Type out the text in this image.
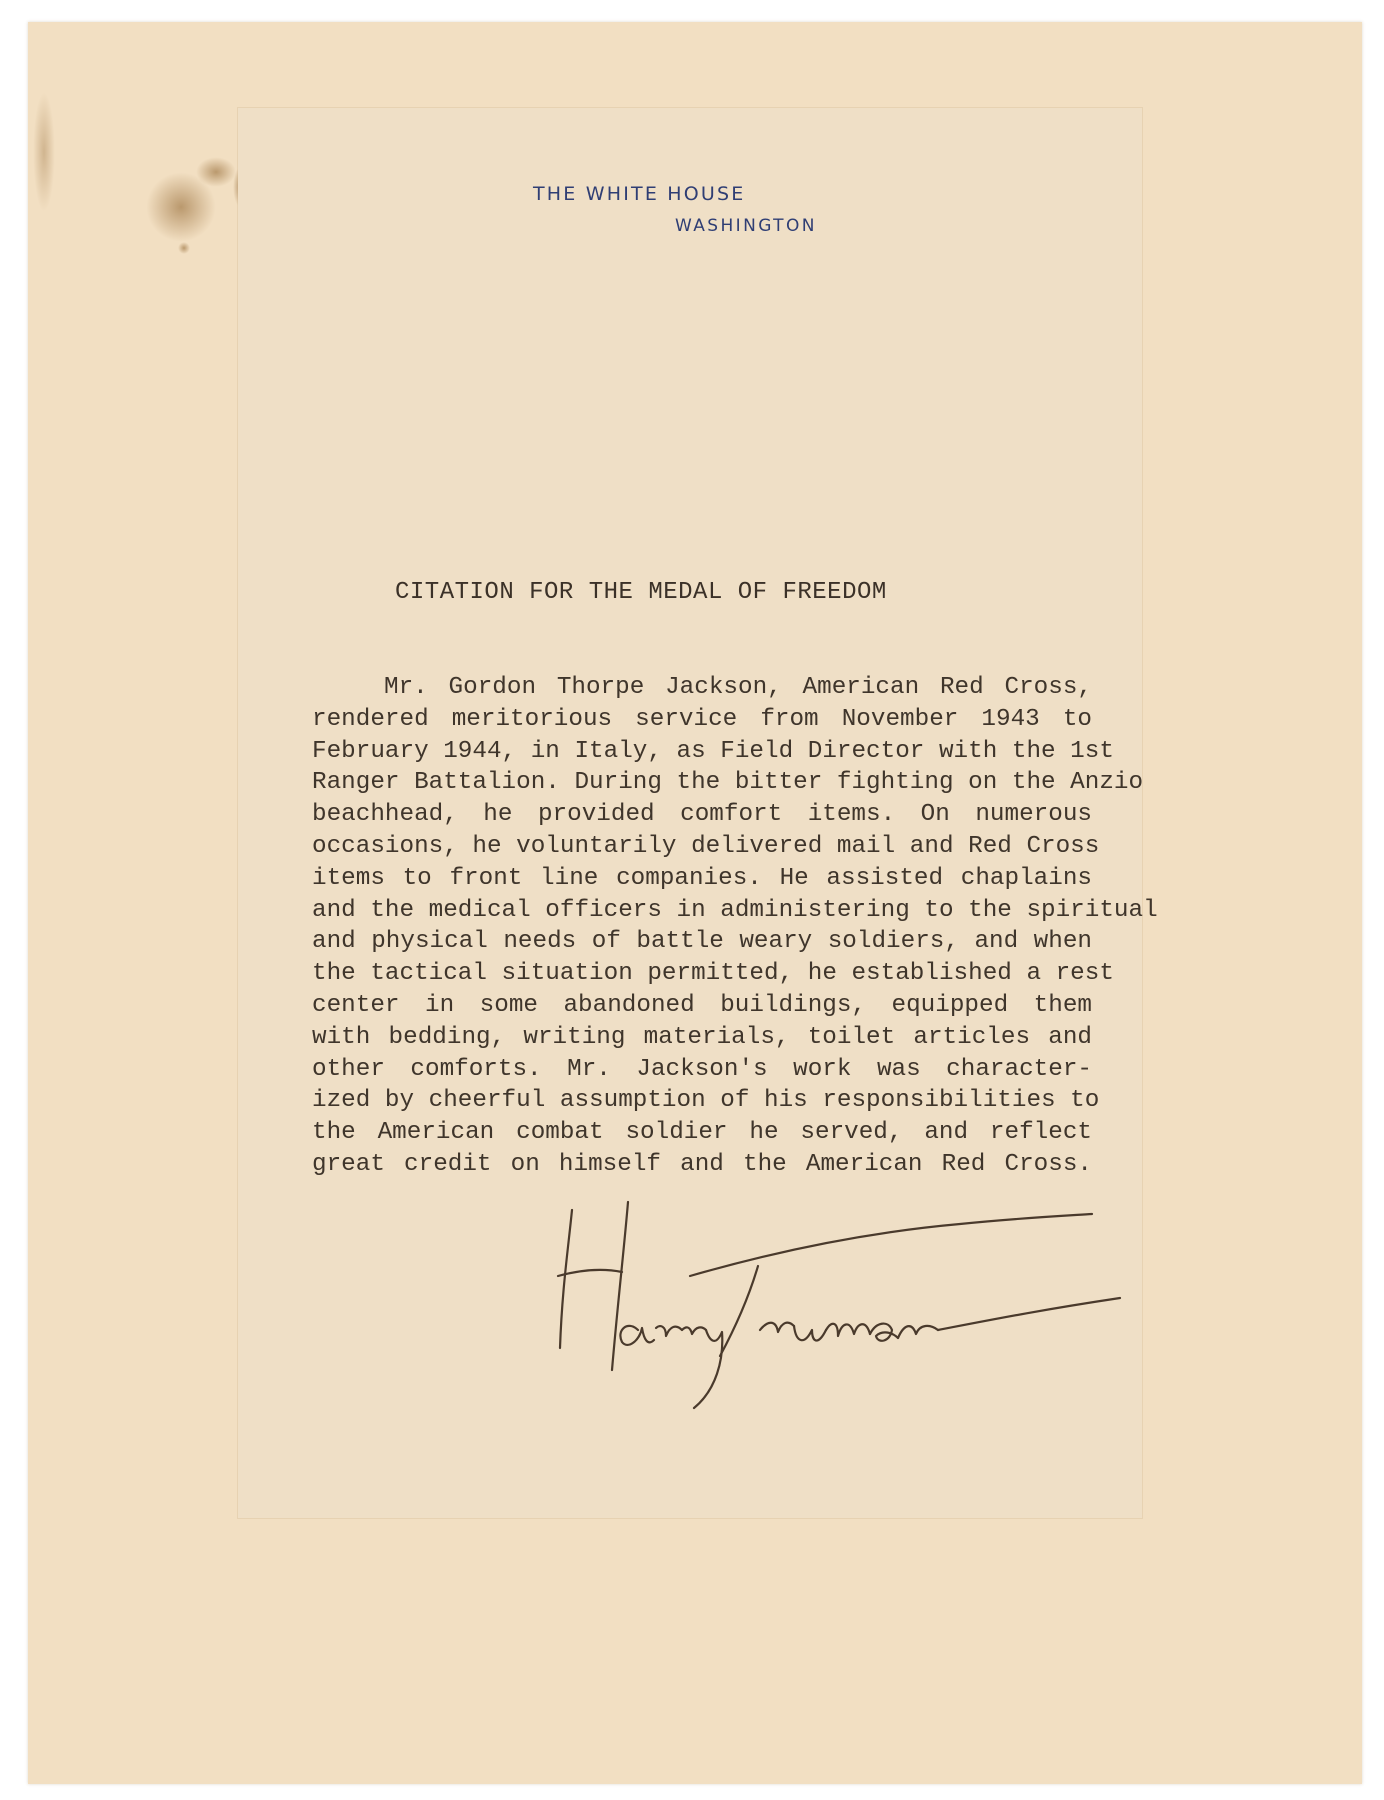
THE WHITE HOUSE
WASHINGTON
CITATION FOR THE MEDAL OF FREEDOM
Mr. Gordon Thorpe Jackson, American Red Cross,
rendered meritorious service from November 1943 to
February 1944, in Italy, as Field Director with the 1st
Ranger Battalion. During the bitter fighting on the Anzio
beachhead, he provided comfort items. On numerous
occasions, he voluntarily delivered mail and Red Cross
items to front line companies. He assisted chaplains
and the medical officers in administering to the spiritual
and physical needs of battle weary soldiers, and when
the tactical situation permitted, he established a rest
center in some abandoned buildings, equipped them
with bedding, writing materials, toilet articles and
other comforts. Mr. Jackson's work was character-
ized by cheerful assumption of his responsibilities to
the American combat soldier he served, and reflect
great credit on himself and the American Red Cross.
